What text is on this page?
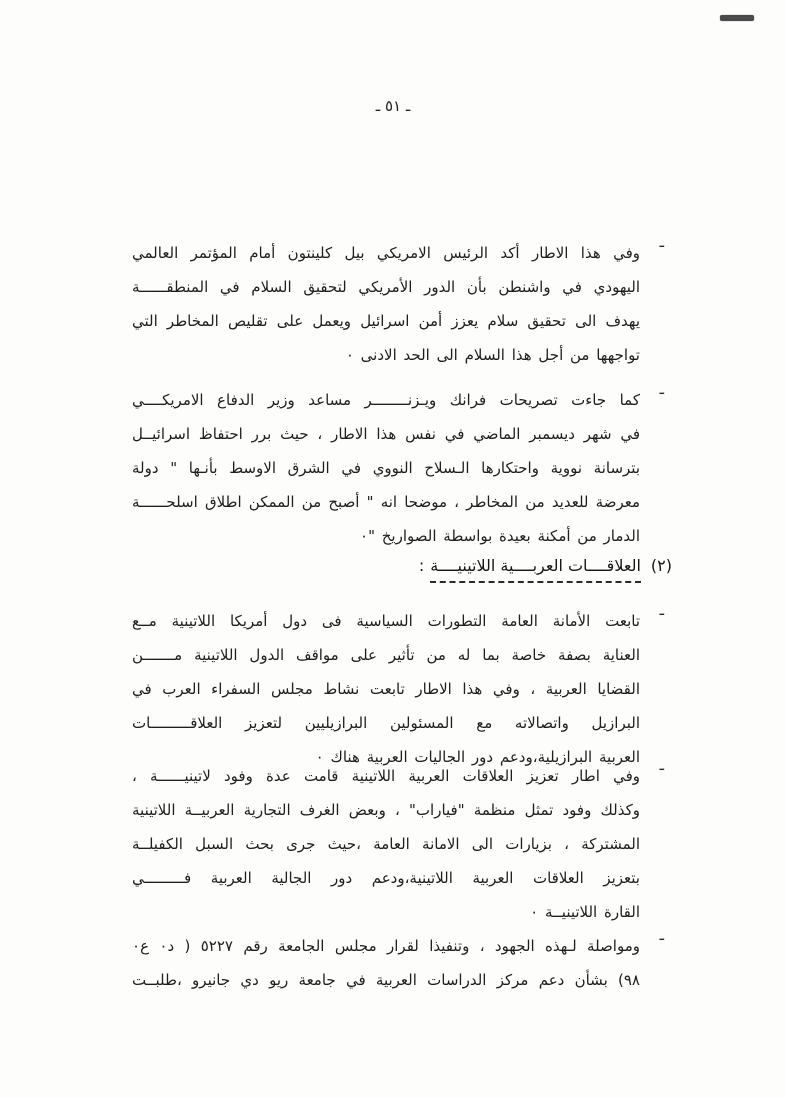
ـ ٥١ ـ
ـ
وفي هذا الاطار أكد الرئيس الامريكي بيل كلينتون أمام المؤتمر العالمي
اليهودي في واشنطن بأن الدور الأمريكي لتحقيق السلام في المنطقــــــة
يهدف الى تحقيق سلام يعزز أمن اسرائيل ويعمل على تقليص المخاطر التي
تواجهها من أجل هذا السلام الى الحد الادنى ٠
ـ
كما جاءت تصريحات فرانك ويـزنــــــــر مساعد وزير الدفاع الامريكــــي
في شهر ديسمبر الماضي في نفس هذا الاطار ، حيث برر احتفاظ اسرائيــل
بترسانة نووية واحتكارها الـسلاح النووي في الشرق الاوسط بأنـها " دولة
معرضة للعديد من المخاطر ، موضحا انه " أصبح من الممكن اطلاق اسلحــــــة
الدمار من أمكنة بعيدة بواسطة الصواريخ "٠
ـ
تابعت الأمانة العامة التطورات السياسية فى دول أمريكا اللاتينية مــع
العناية بصفة خاصة بما له من تأثير على مواقف الدول اللاتينية مـــــــن
القضايا العربية ، وفي هذا الاطار تابعت نشاط مجلس السفراء العرب في
البرازيل واتصالاته مع المسئولين البرازيليين لتعزيز العلاقـــــــــات
العربية البرازيلية،ودعم دور الجاليات العربية هناك ٠ ـ
وفي اطار تعزيز العلاقات العربية اللاتينية قامت عدة وفود لاتينيــــــة ،
وكذلك وفود تمثل منظمة "فياراب" ، وبعض الغرف التجارية العربيــة اللاتينية
المشتركة ، بزيارات الى الامانة العامة ،حيث جرى بحث السبل الكفيلــة
بتعزيز العلاقات العربية اللاتينية،ودعم دور الجالية العربية فـــــــــي
القارة اللاتينيــة ٠
ـ
ومواصلة لـهذه الجهود ، وتنفيذا لقرار مجلس الجامعة رقم ٥٢٢٧ ( د٠ ع٠
٩٨) بشأن دعم مركز الدراسات العربية في جامعة ريو دي جانيرو ،طلبــت
(٢)العلاقــــات العربــــية اللاتينيــــة:
